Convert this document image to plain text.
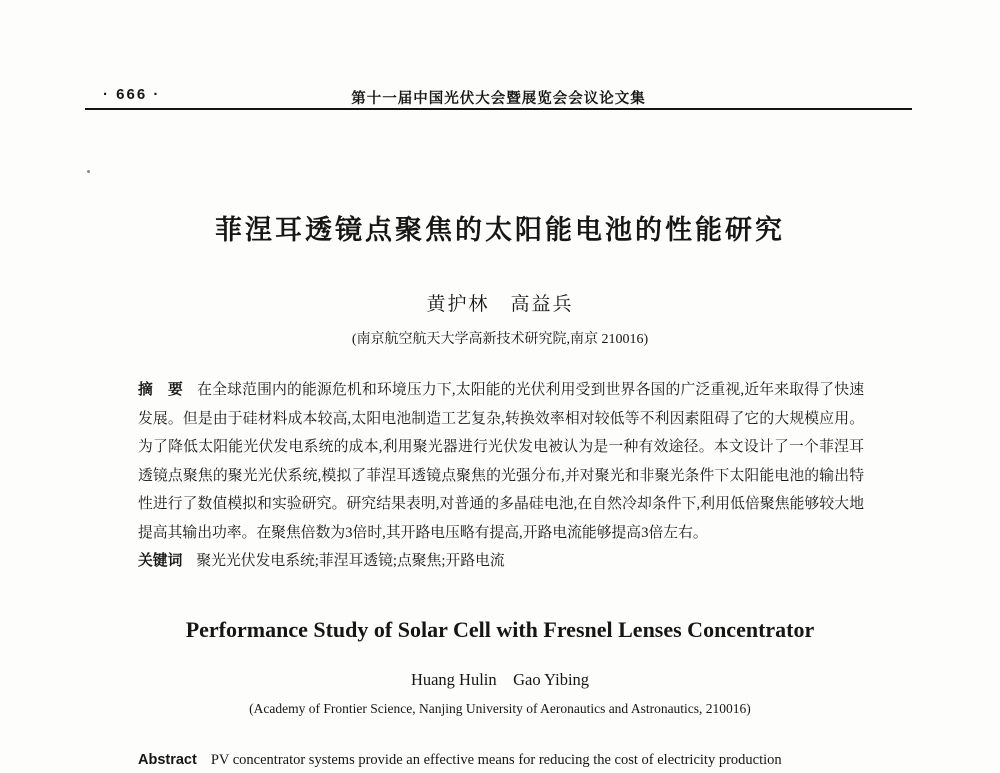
· 666 ·	第十一届中国光伏大会暨展览会会议论文集
菲涅耳透镜点聚焦的太阳能电池的性能研究
黄护林　高益兵
(南京航空航天大学高新技术研究院,南京 210016)

摘　要 在全球范围内的能源危机和环境压力下,太阳能的光伏利用受到世界各国的广泛重视,近年来取得了快速发展。但是由于硅材料成本较高,太阳电池制造工艺复杂,转换效率相对较低等不利因素阻碍了它的大规模应用。为了降低太阳能光伏发电系统的成本,利用聚光器进行光伏发电被认为是一种有效途径。本文设计了一个菲涅耳透镜点聚焦的聚光光伏系统,模拟了菲涅耳透镜点聚焦的光强分布,并对聚光和非聚光条件下太阳能电池的输出特性进行了数值模拟和实验研究。研究结果表明,对普通的多晶硅电池,在自然冷却条件下,利用低倍聚焦能够较大地提高其输出功率。在聚焦倍数为3倍时,其开路电压略有提高,开路电流能够提高3倍左右。

关键词 聚光光伏发电系统;菲涅耳透镜;点聚焦;开路电流

Performance Study of Solar Cell with Fresnel Lenses Concentrator
Huang Hulin　Gao Yibing
(Academy of Frontier Science, Nanjing University of Aeronautics and Astronautics, 210016)
Abstract PV concentrator systems provide an effective means for reducing the cost of electricity production
